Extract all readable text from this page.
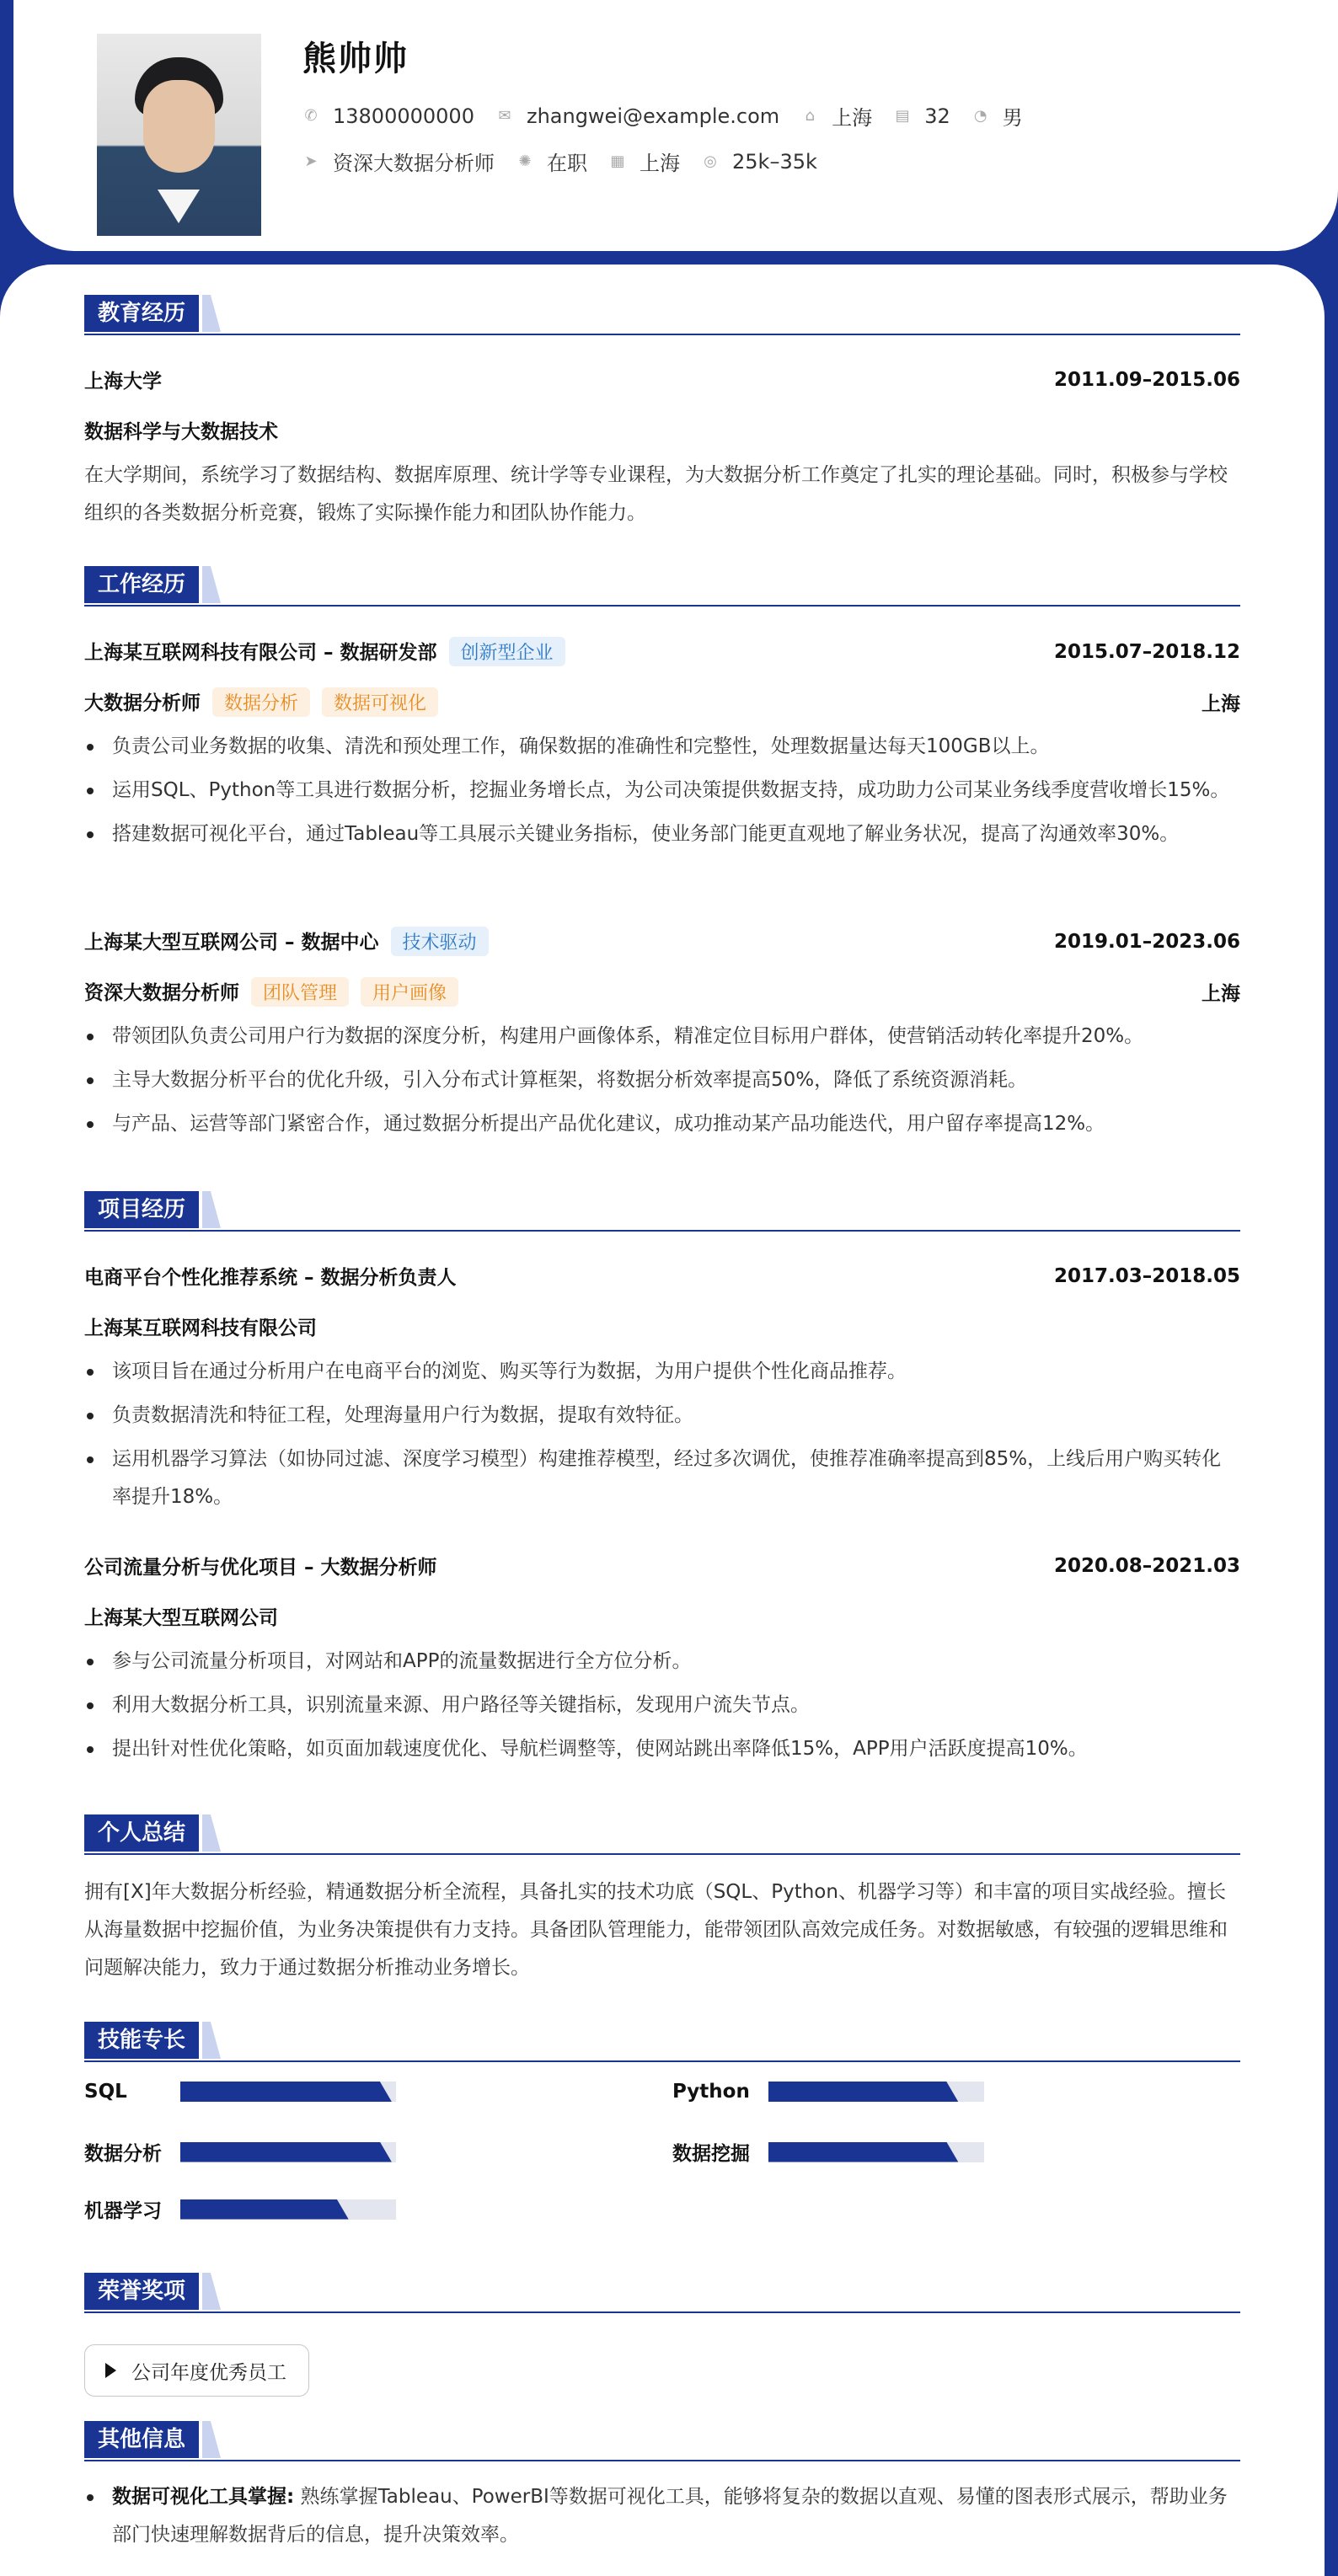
熊帅帅
✆ 13800000000 ✉ zhangwei@example.com ⌂ 上海 ▤ 32 ◔ 男
➤ 资深大数据分析师 ✺ 在职 ▦ 上海 ◎ 25k–35k
教育经历
上海大学	2011.09–2015.06
数据科学与大数据技术
在大学期间，系统学习了数据结构、数据库原理、统计学等专业课程，为大数据分析工作奠定了扎实的理论基础。同时，积极参与学校组织的各类数据分析竞赛，锻炼了实际操作能力和团队协作能力。
工作经历
上海某互联网科技有限公司 – 数据研发部 创新型企业	2015.07–2018.12
大数据分析师 数据分析 数据可视化	上海
负责公司业务数据的收集、清洗和预处理工作，确保数据的准确性和完整性，处理数据量达每天100GB以上。
运用SQL、Python等工具进行数据分析，挖掘业务增长点，为公司决策提供数据支持，成功助力公司某业务线季度营收增长15%。
搭建数据可视化平台，通过Tableau等工具展示关键业务指标，使业务部门能更直观地了解业务状况，提高了沟通效率30%。
上海某大型互联网公司 – 数据中心 技术驱动	2019.01–2023.06
资深大数据分析师 团队管理 用户画像	上海
带领团队负责公司用户行为数据的深度分析，构建用户画像体系，精准定位目标用户群体，使营销活动转化率提升20%。
主导大数据分析平台的优化升级，引入分布式计算框架，将数据分析效率提高50%，降低了系统资源消耗。
与产品、运营等部门紧密合作，通过数据分析提出产品优化建议，成功推动某产品功能迭代，用户留存率提高12%。
项目经历
电商平台个性化推荐系统 – 数据分析负责人	2017.03–2018.05
上海某互联网科技有限公司
该项目旨在通过分析用户在电商平台的浏览、购买等行为数据，为用户提供个性化商品推荐。
负责数据清洗和特征工程，处理海量用户行为数据，提取有效特征。
运用机器学习算法（如协同过滤、深度学习模型）构建推荐模型，经过多次调优，使推荐准确率提高到85%，上线后用户购买转化率提升18%。
公司流量分析与优化项目 – 大数据分析师	2020.08–2021.03
上海某大型互联网公司
参与公司流量分析项目，对网站和APP的流量数据进行全方位分析。
利用大数据分析工具，识别流量来源、用户路径等关键指标，发现用户流失节点。
提出针对性优化策略，如页面加载速度优化、导航栏调整等，使网站跳出率降低15%，APP用户活跃度提高10%。
个人总结
拥有[X]年大数据分析经验，精通数据分析全流程，具备扎实的技术功底（SQL、Python、机器学习等）和丰富的项目实战经验。擅长从海量数据中挖掘价值，为业务决策提供有力支持。具备团队管理能力，能带领团队高效完成任务。对数据敏感，有较强的逻辑思维和问题解决能力，致力于通过数据分析推动业务增长。
技能专长
SQL	Python
数据分析	数据挖掘
机器学习
荣誉奖项
公司年度优秀员工
其他信息
数据可视化工具掌握: 熟练掌握Tableau、PowerBI等数据可视化工具，能够将复杂的数据以直观、易懂的图表形式展示，帮助业务部门快速理解数据背后的信息，提升决策效率。
